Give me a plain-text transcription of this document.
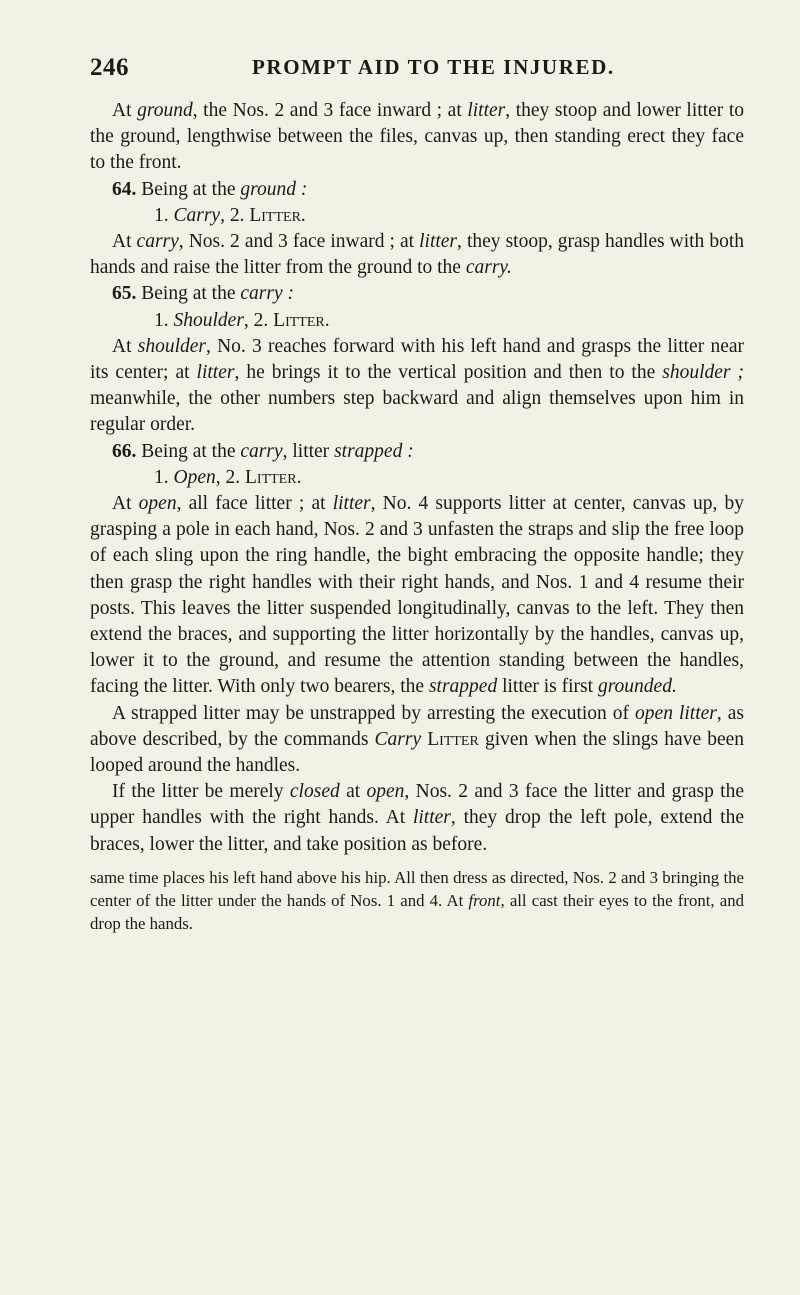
246	PROMPT AID TO THE INJURED.

At ground, the Nos. 2 and 3 face inward ; at litter, they stoop and lower litter to the ground, lengthwise between the files, canvas up, then standing erect they face to the front.

64. Being at the ground :

1. Carry, 2. Litter.

At carry, Nos. 2 and 3 face inward ; at litter, they stoop, grasp handles with both hands and raise the litter from the ground to the carry.

65. Being at the carry :

1. Shoulder, 2. Litter.

At shoulder, No. 3 reaches forward with his left hand and grasps the litter near its center; at litter, he brings it to the vertical position and then to the shoulder ; meanwhile, the other numbers step backward and align themselves upon him in regular order.

66. Being at the carry, litter strapped :

1. Open, 2. Litter.

At open, all face litter ; at litter, No. 4 supports litter at center, canvas up, by grasping a pole in each hand, Nos. 2 and 3 unfasten the straps and slip the free loop of each sling upon the ring handle, the bight embracing the opposite handle; they then grasp the right handles with their right hands, and Nos. 1 and 4 resume their posts. This leaves the litter suspended longitudinally, canvas to the left. They then extend the braces, and supporting the litter horizontally by the handles, canvas up, lower it to the ground, and resume the attention standing between the handles, facing the litter. With only two bearers, the strapped litter is first grounded.

A strapped litter may be unstrapped by arresting the execution of open litter, as above described, by the commands Carry Litter given when the slings have been looped around the handles.

If the litter be merely closed at open, Nos. 2 and 3 face the litter and grasp the upper handles with the right hands. At litter, they drop the left pole, extend the braces, lower the litter, and take position as before.

same time places his left hand above his hip. All then dress as directed, Nos. 2 and 3 bringing the center of the litter under the hands of Nos. 1 and 4. At front, all cast their eyes to the front, and drop the hands.
